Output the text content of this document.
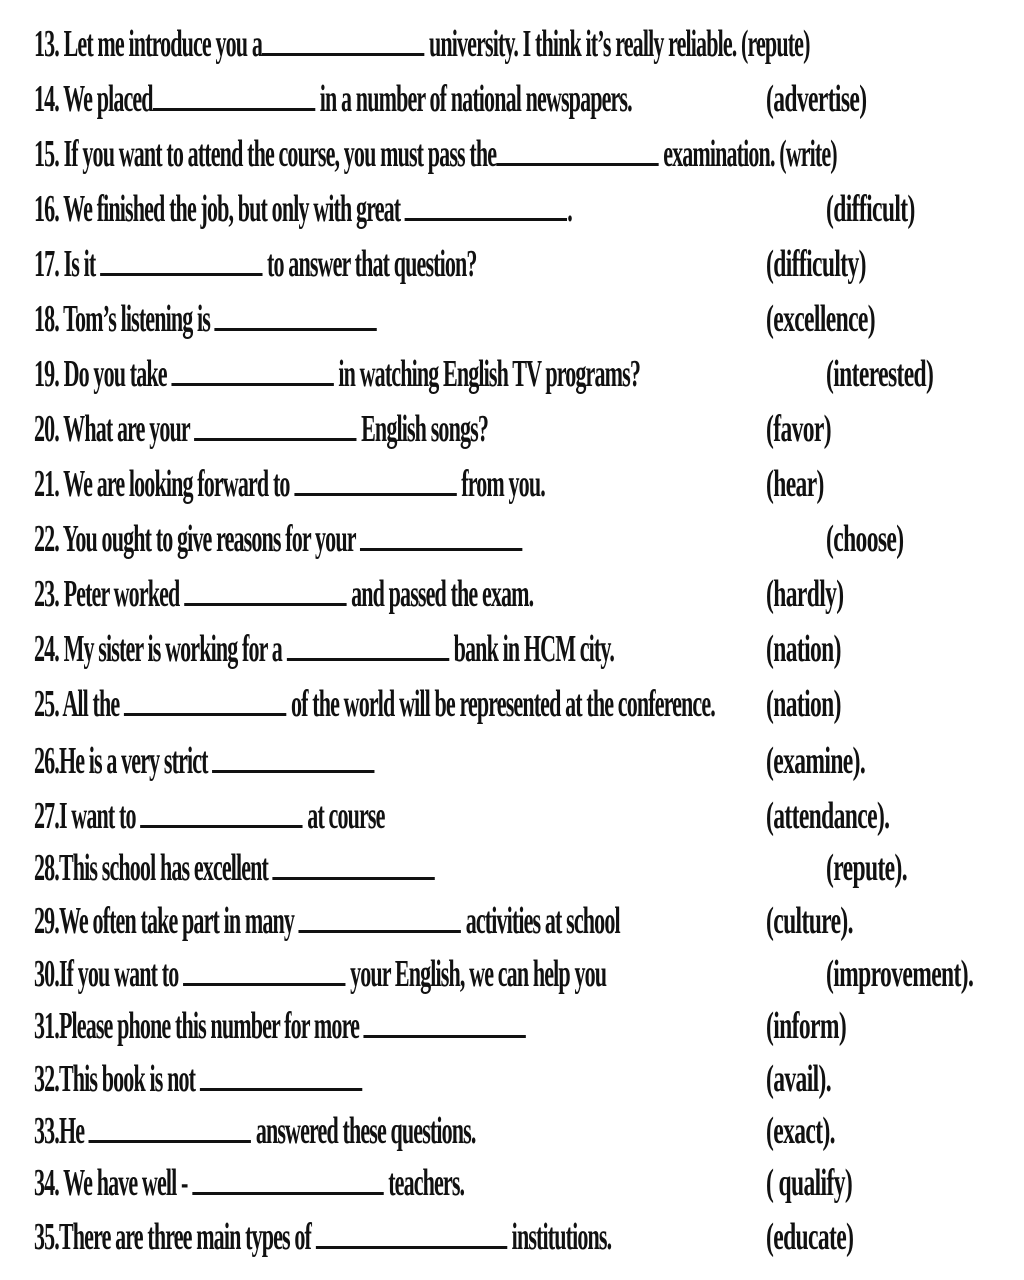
13. Let me introduce you a	university. I think it’s really reliable. (repute)
14. We placed	in a number of national newspapers.	(advertise)
15. If you want to attend the course, you must pass the	examination. (write)
16. We finished the job, but only with great	.	(difficult)
17. Is it	to answer that question?	(difficulty)
18. Tom’s listening is	(excellence)
19. Do you take	in watching English TV programs?	(interested)
20. What are your	English songs?	(favor)
21. We are looking forward to	from you.	(hear)
22. You ought to give reasons for your	(choose)
23. Peter worked	and passed the exam.	(hardly)
24. My sister is working for a	bank in HCM city.	(nation)
25. All the	of the world will be represented at the conference. (nation)
26.He is a very strict	(examine).
27.I want to	at course	(attendance).
28.This school has excellent	(repute).
29.We often take part in many	activities at school	(culture).
30.If you want to	your English, we can help you	(improvement).
31.Please phone this number for more	(inform)
32.This book is not	(avail).
33.He	answered these questions.	(exact).
34. We have well -	teachers.	( qualify)
35.There are three main types of	institutions.	(educate)
